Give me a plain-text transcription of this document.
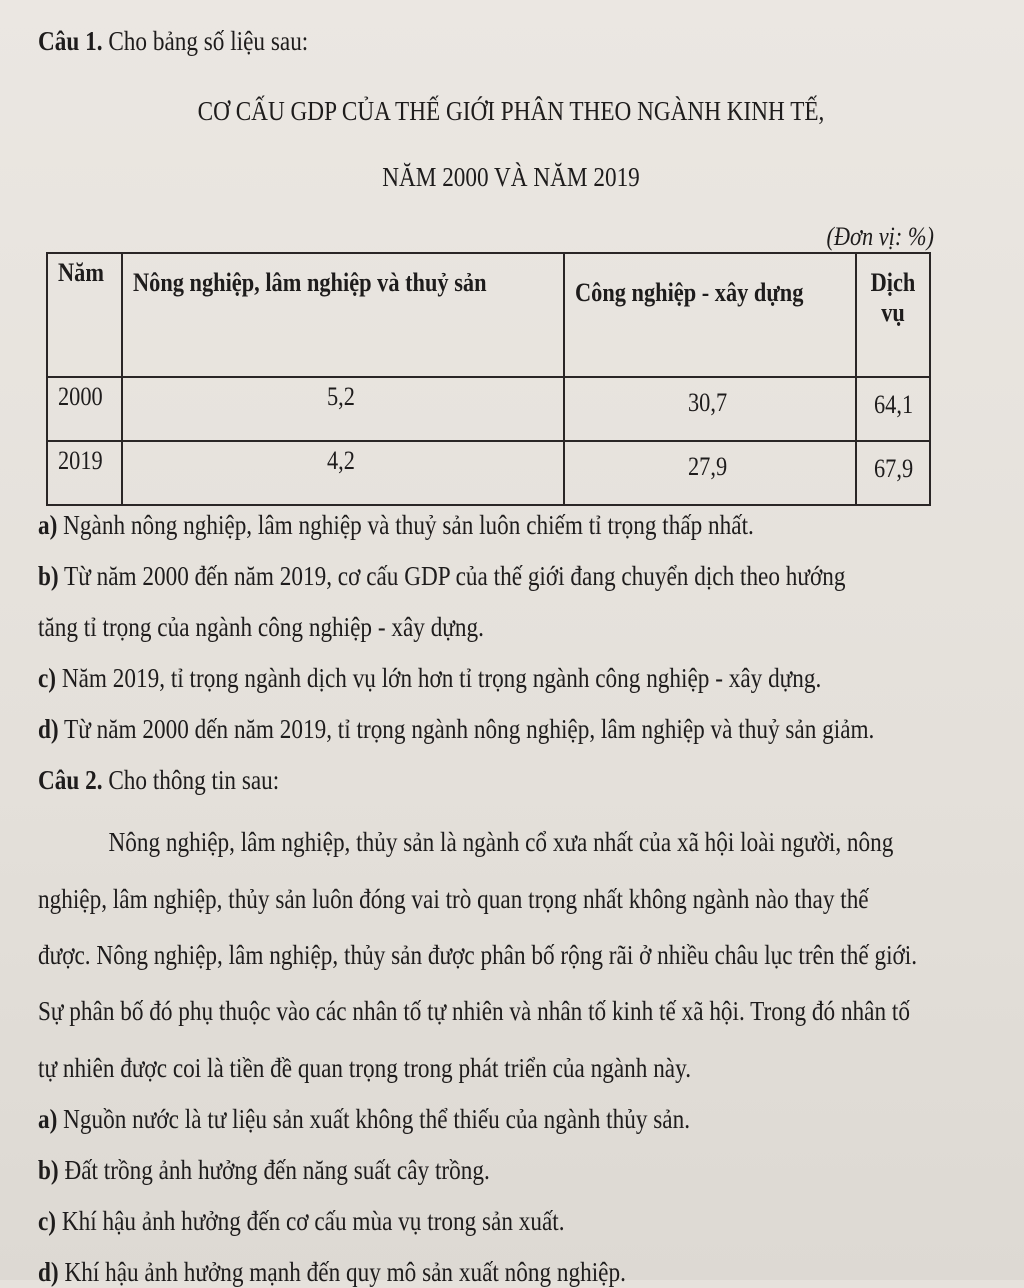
Câu 1. Cho bảng số liệu sau:
CƠ CẤU GDP CỦA THẾ GIỚI PHÂN THEO NGÀNH KINH TẾ,
NĂM 2000 VÀ NĂM 2019
(Đơn vị: %)
Năm	Nông nghiệp, lâm nghiệp và thuỷ sản	Công nghiệp - xây dựng	Dịch vụ
2000	5,2	30,7	64,1
2019	4,2	27,9	67,9
a) Ngành nông nghiệp, lâm nghiệp và thuỷ sản luôn chiếm tỉ trọng thấp nhất.
b) Từ năm 2000 đến năm 2019, cơ cấu GDP của thế giới đang chuyển dịch theo hướng
tăng tỉ trọng của ngành công nghiệp - xây dựng.
c) Năm 2019, tỉ trọng ngành dịch vụ lớn hơn tỉ trọng ngành công nghiệp - xây dựng.
d) Từ năm 2000 dến năm 2019, tỉ trọng ngành nông nghiệp, lâm nghiệp và thuỷ sản giảm.
Câu 2. Cho thông tin sau:
Nông nghiệp, lâm nghiệp, thủy sản là ngành cổ xưa nhất của xã hội loài người, nông
nghiệp, lâm nghiệp, thủy sản luôn đóng vai trò quan trọng nhất không ngành nào thay thế
được. Nông nghiệp, lâm nghiệp, thủy sản được phân bố rộng rãi ở nhiều châu lục trên thế giới.
Sự phân bố đó phụ thuộc vào các nhân tố tự nhiên và nhân tố kinh tế xã hội. Trong đó nhân tố
tự nhiên được coi là tiền đề quan trọng trong phát triển của ngành này.
a) Nguồn nước là tư liệu sản xuất không thể thiếu của ngành thủy sản.
b) Đất trồng ảnh hưởng đến năng suất cây trồng.
c) Khí hậu ảnh hưởng đến cơ cấu mùa vụ trong sản xuất.
d) Khí hậu ảnh hưởng mạnh đến quy mô sản xuất nông nghiệp.
